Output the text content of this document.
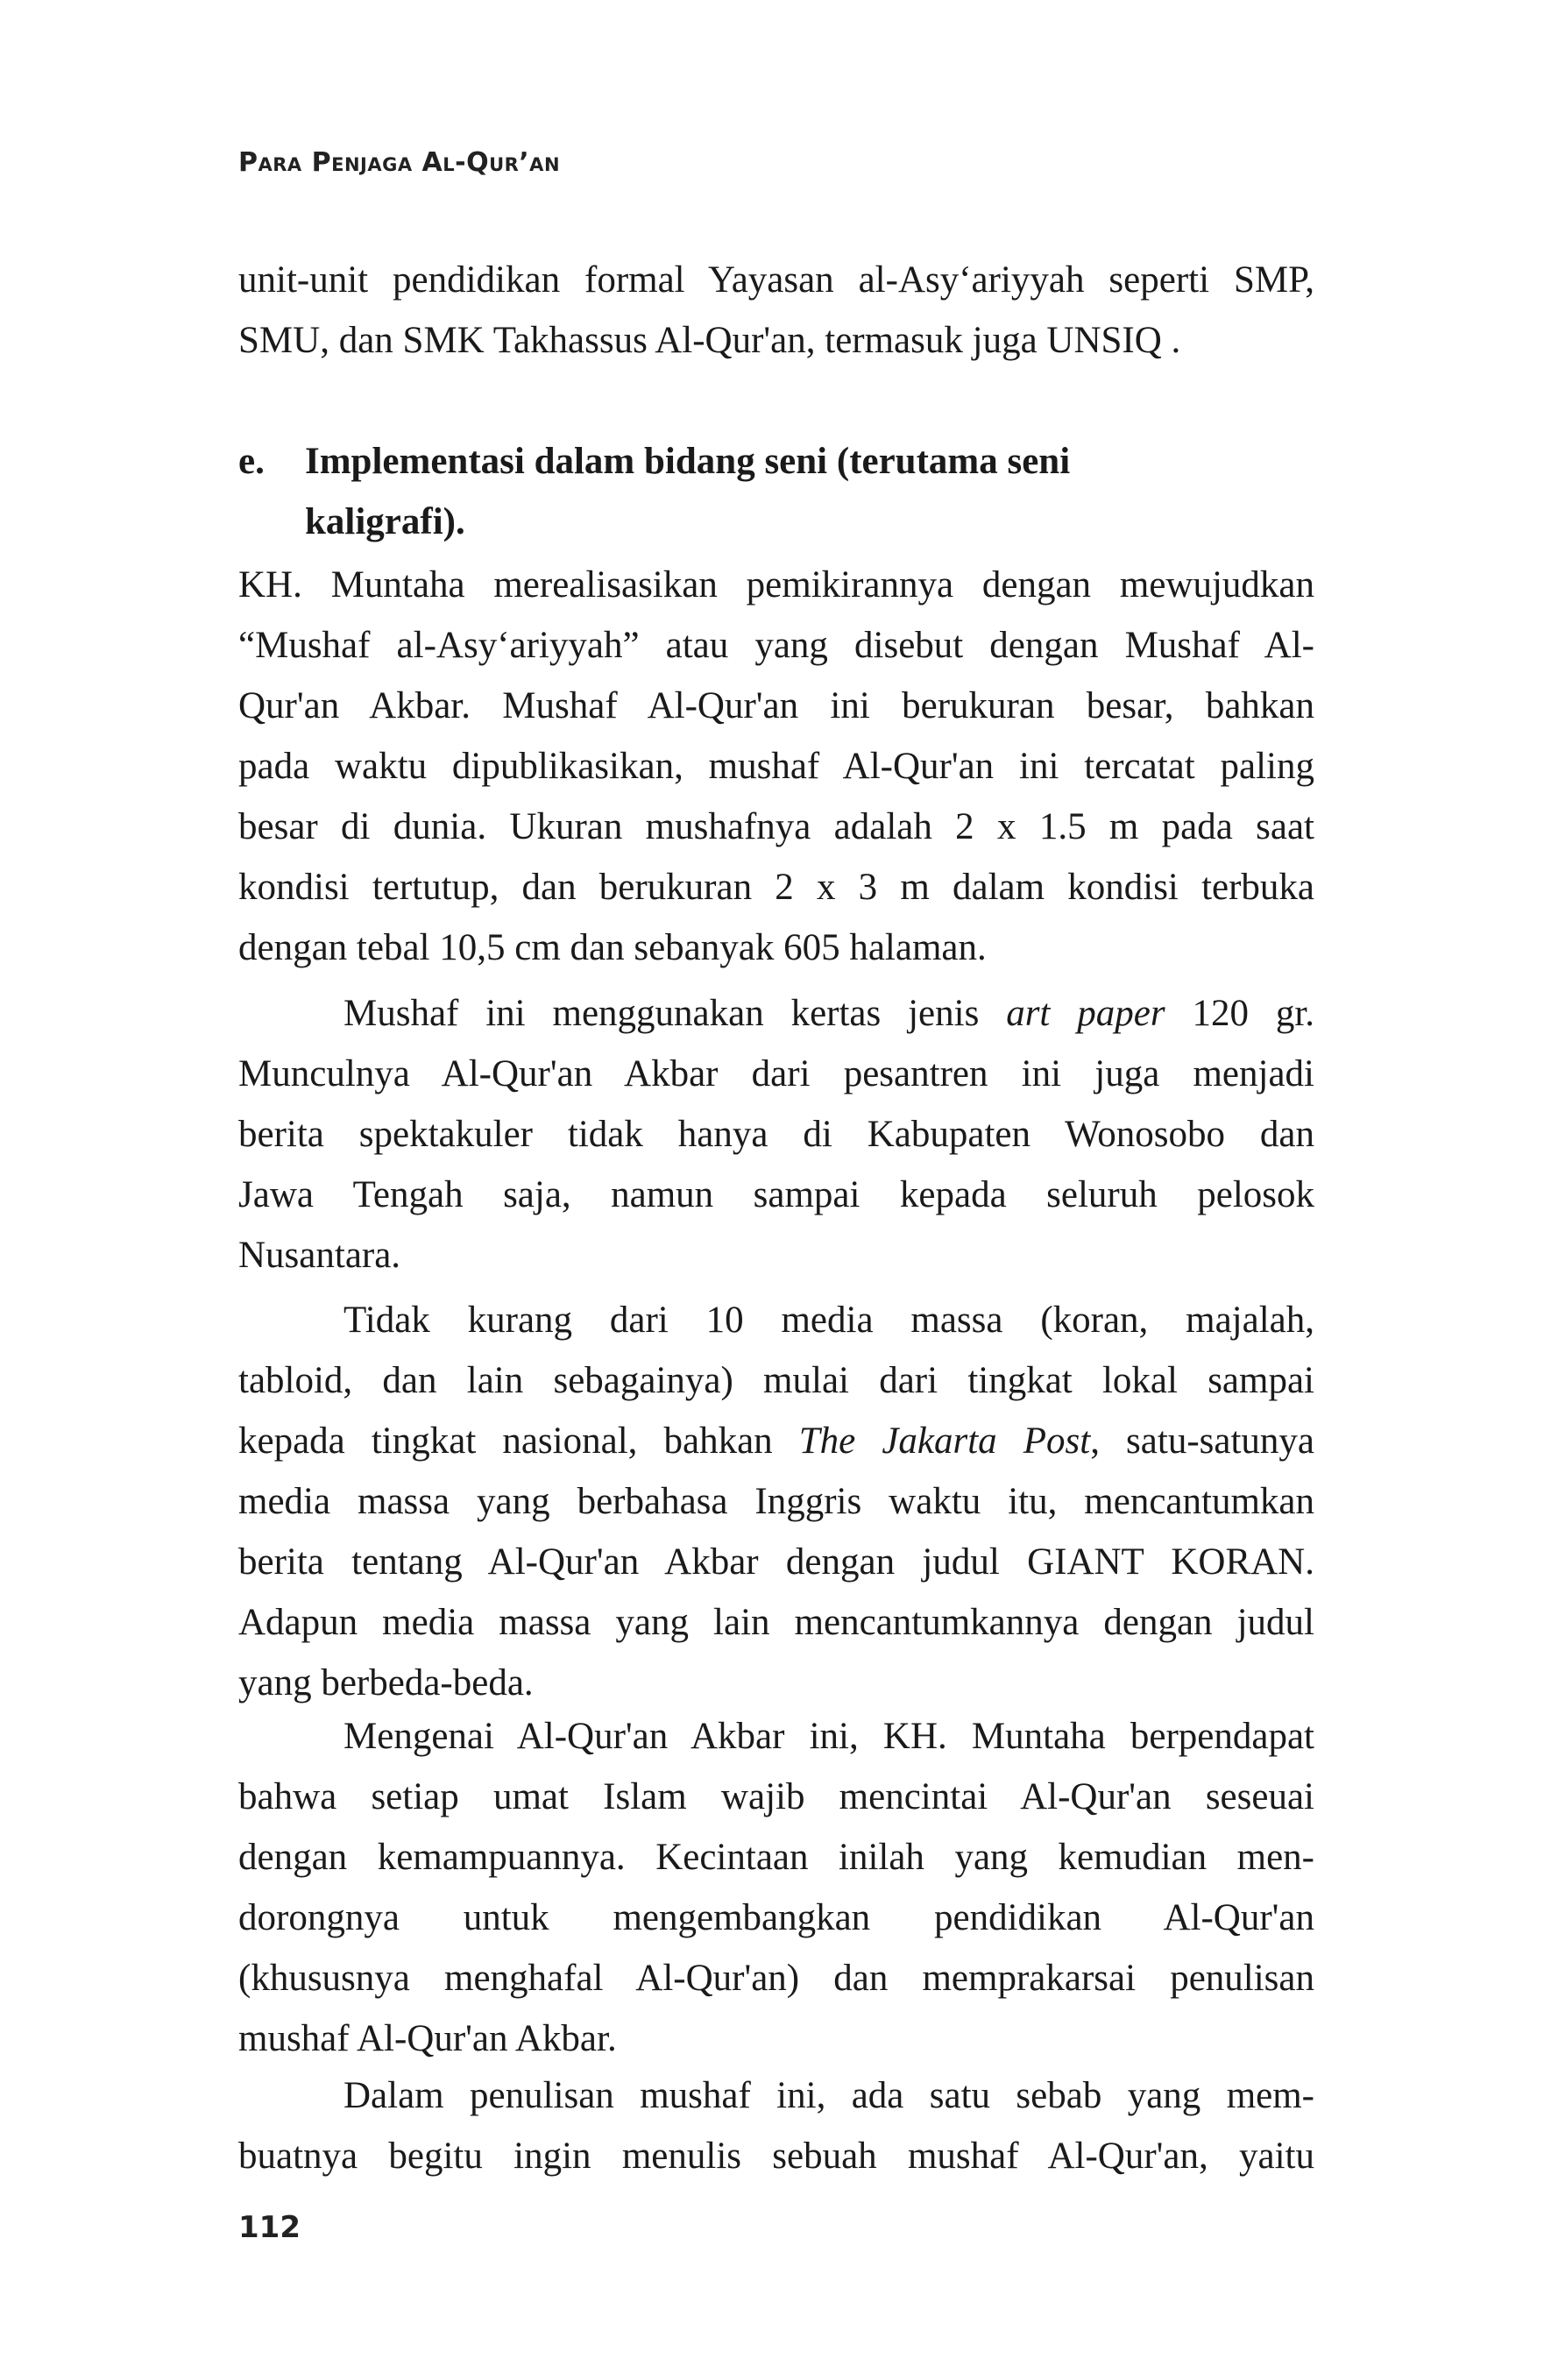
Para Penjaga Al-Qur’an
unit-unit pendidikan formal Yayasan al-Asy‘ariyyah seperti SMP,
SMU, dan SMK Takhassus Al-Qur'an, termasuk juga UNSIQ .
e.	Implementasi dalam bidang seni (terutama seni
kaligrafi).
KH. Muntaha merealisasikan pemikirannya dengan mewujudkan
“Mushaf al-Asy‘ariyyah” atau yang disebut dengan Mushaf Al-
Qur'an Akbar. Mushaf Al-Qur'an ini berukuran besar, bahkan
pada waktu dipublikasikan, mushaf Al-Qur'an ini tercatat paling
besar di dunia. Ukuran mushafnya adalah 2 x 1.5 m pada saat
kondisi tertutup, dan berukuran 2 x 3 m dalam kondisi terbuka
dengan tebal 10,5 cm dan sebanyak 605 halaman.
Mushaf ini menggunakan kertas jenis art paper 120 gr.
Munculnya Al-Qur'an Akbar dari pesantren ini juga menjadi
berita spektakuler tidak hanya di Kabupaten Wonosobo dan
Jawa Tengah saja, namun sampai kepada seluruh pelosok
Nusantara.
Tidak kurang dari 10 media massa (koran, majalah,
tabloid, dan lain sebagainya) mulai dari tingkat lokal sampai
kepada tingkat nasional, bahkan The Jakarta Post, satu-satunya
media massa yang berbahasa Inggris waktu itu, mencantumkan
berita tentang Al-Qur'an Akbar dengan judul GIANT KORAN.
Adapun media massa yang lain mencantumkannya dengan judul
yang berbeda-beda.
Mengenai Al-Qur'an Akbar ini, KH. Muntaha berpendapat
bahwa setiap umat Islam wajib mencintai Al-Qur'an seseuai
dengan kemampuannya. Kecintaan inilah yang kemudian men-
dorongnya untuk mengembangkan pendidikan Al-Qur'an
(khususnya menghafal Al-Qur'an) dan memprakarsai penulisan
mushaf Al-Qur'an Akbar.
Dalam penulisan mushaf ini, ada satu sebab yang mem-
buatnya begitu ingin menulis sebuah mushaf Al-Qur'an, yaitu
112
